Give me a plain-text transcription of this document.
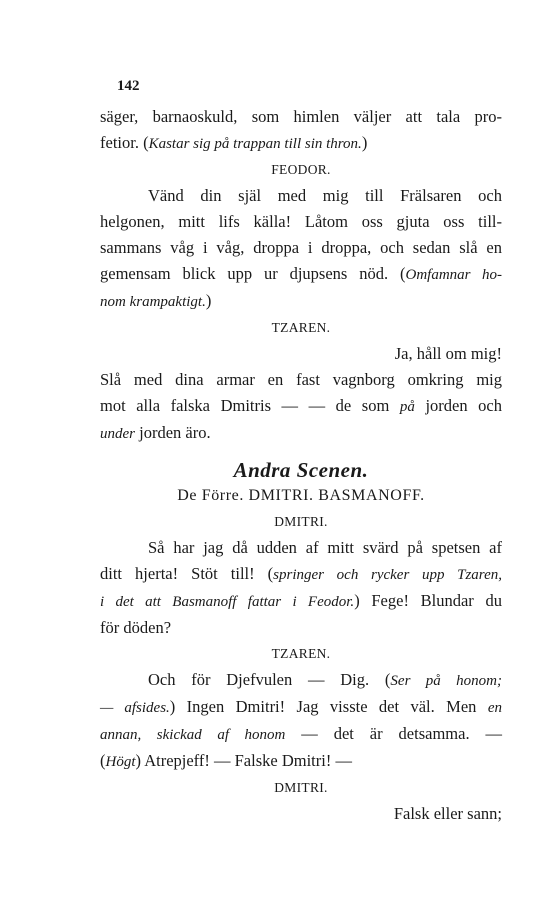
142
säger, barnaoskuld, som himlen väljer att tala pro-
fetior. (Kastar sig på trappan till sin thron.)
FEODOR.
Vänd din själ med mig till Frälsaren och
helgonen, mitt lifs källa! Låtom oss gjuta oss till-
sammans våg i våg, droppa i droppa, och sedan slå en
gemensam blick upp ur djupsens nöd. (Omfamnar ho-
nom krampaktigt.)
TZAREN.
Ja, håll om mig!
Slå med dina armar en fast vagnborg omkring mig
mot alla falska Dmitris — — de som på jorden och
under jorden äro.
Andra Scenen.
De Förre. DMITRI. BASMANOFF.
DMITRI.
Så har jag då udden af mitt svärd på spetsen af
ditt hjerta! Stöt till! (springer och rycker upp Tzaren,
i det att Basmanoff fattar i Feodor.) Fege! Blundar du
för döden?
TZAREN.
Och för Djefvulen — Dig. (Ser på honom;
— afsides.) Ingen Dmitri! Jag visste det väl. Men en
annan, skickad af honom — det är detsamma. —
(Högt) Atrepjeff! — Falske Dmitri! —
DMITRI.
Falsk eller sann;
